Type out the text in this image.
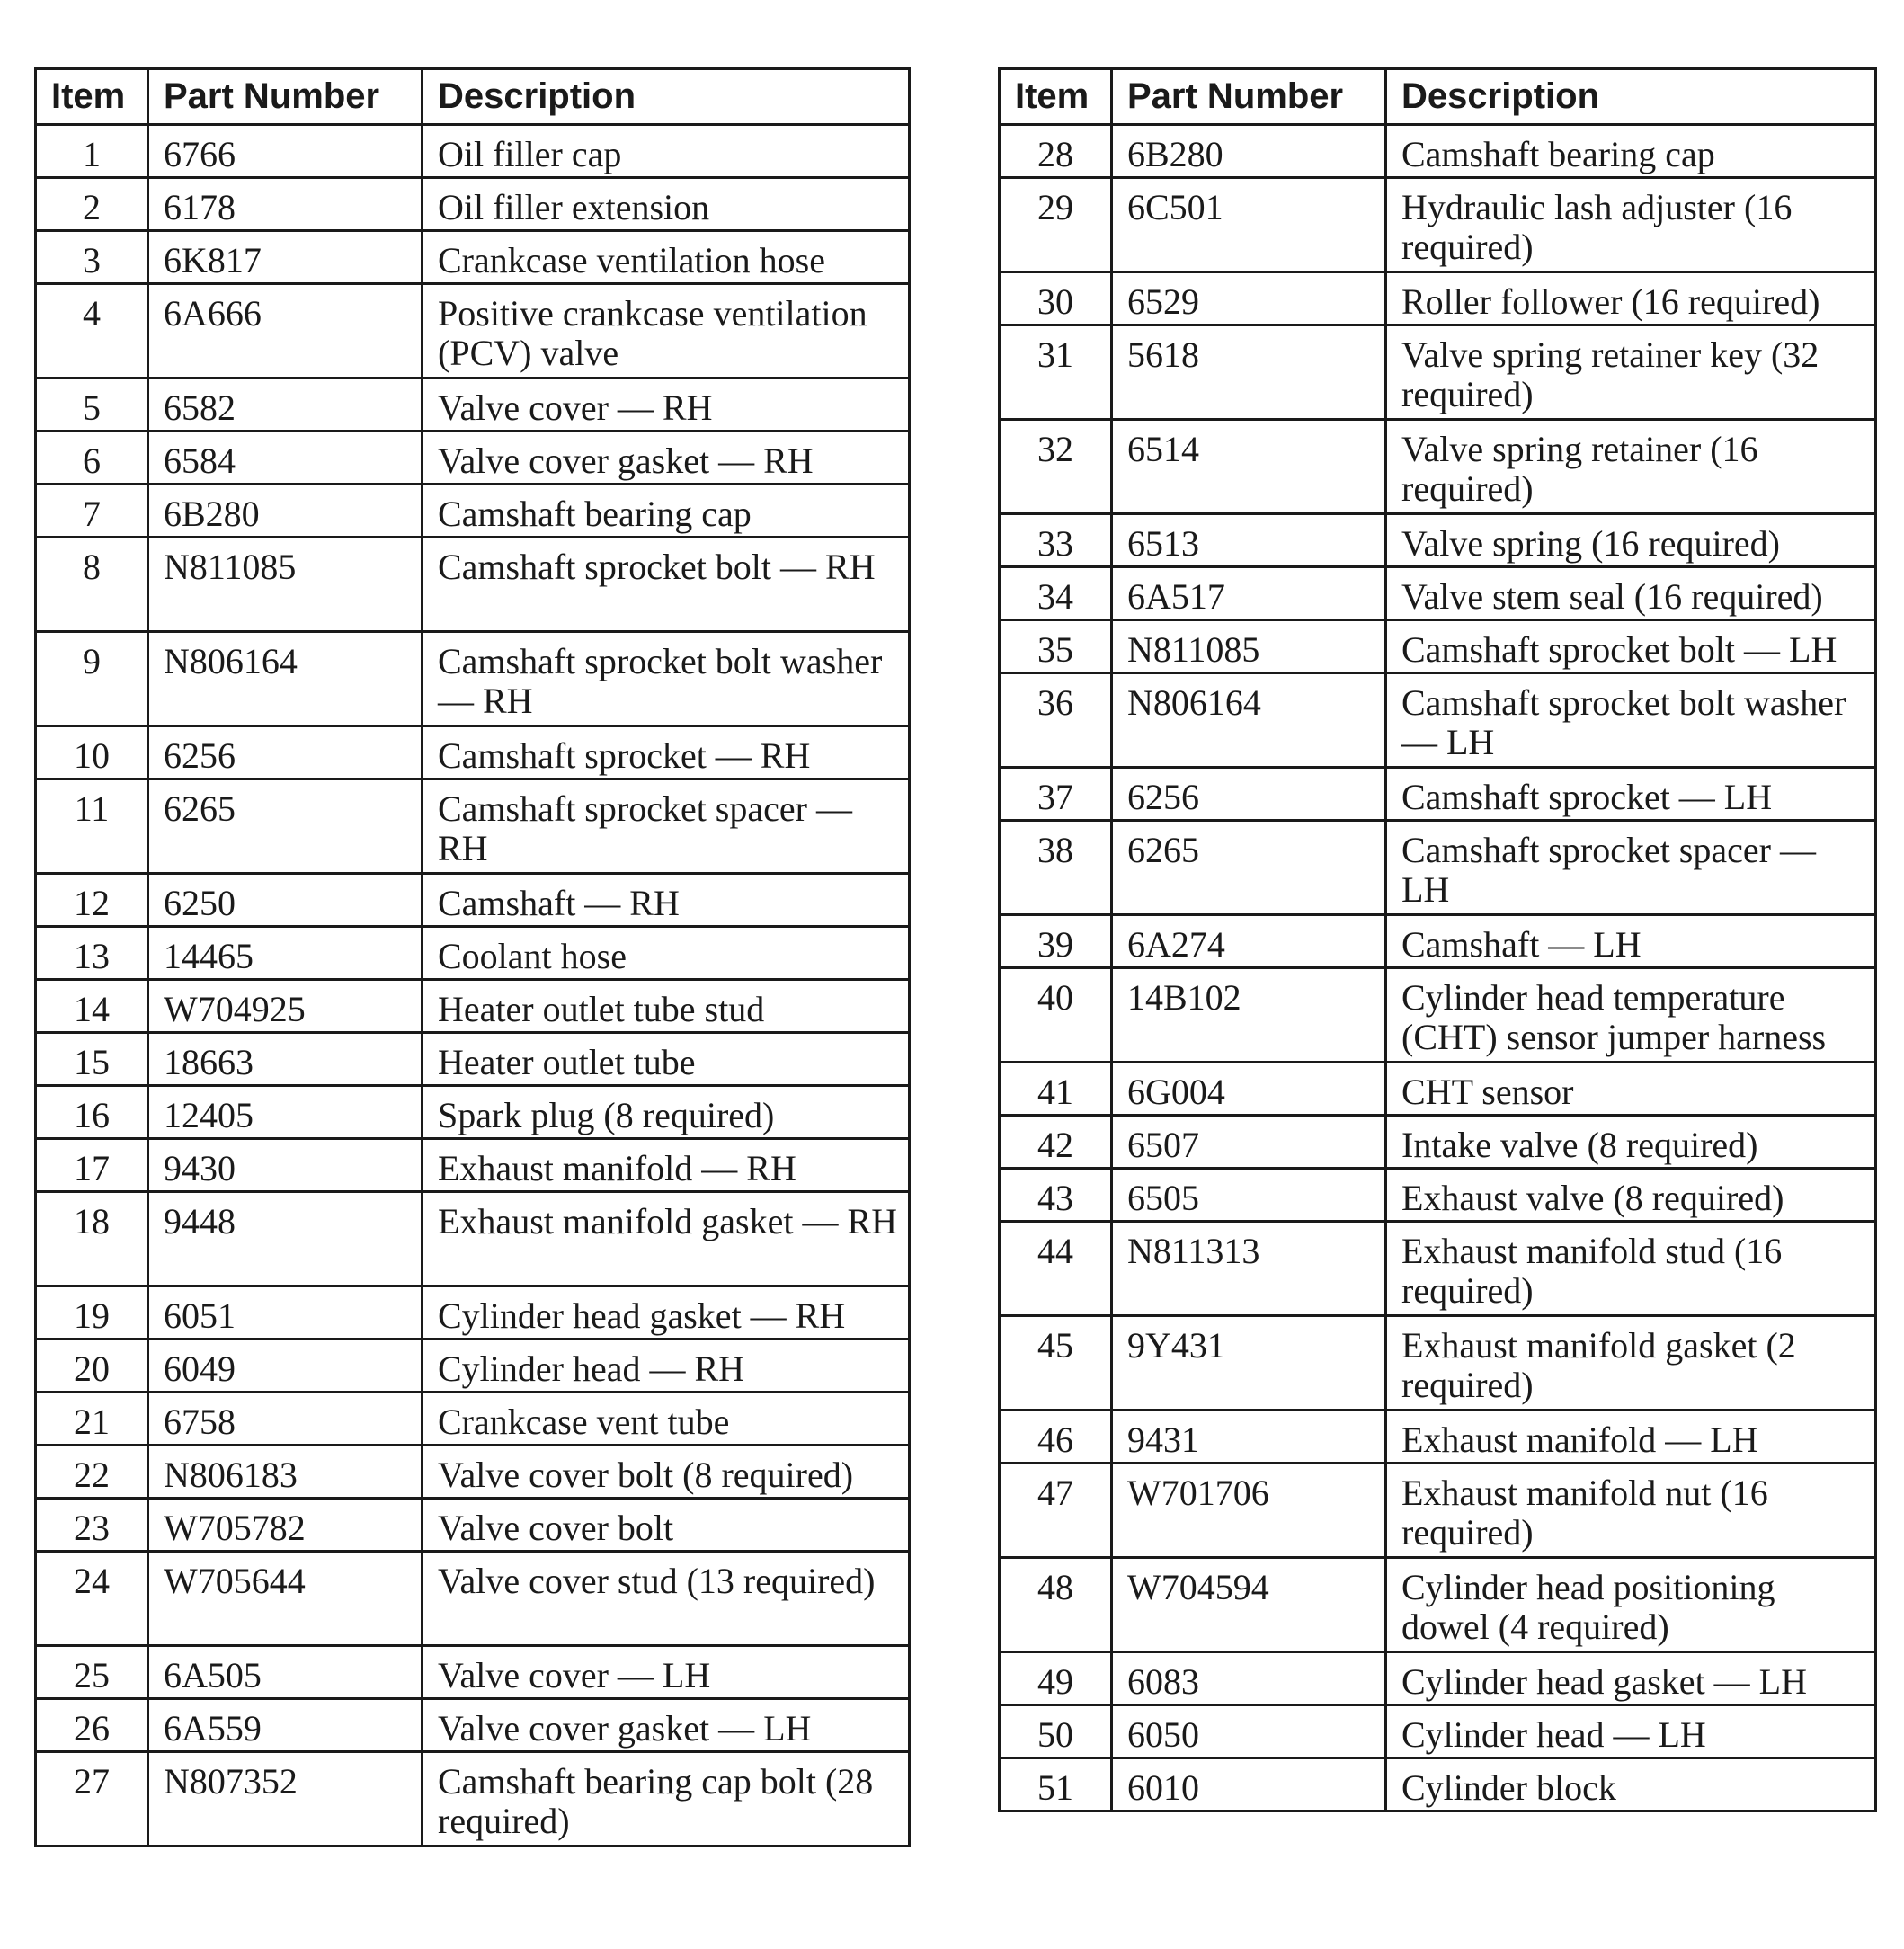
Item	Part Number	Description
1	6766	Oil filler cap
2	6178	Oil filler extension
3	6K817	Crankcase ventilation hose
4	6A666	Positive crankcase ventilation (PCV) valve
5	6582	Valve cover — RH
6	6584	Valve cover gasket — RH
7	6B280	Camshaft bearing cap
8	N811085	Camshaft sprocket bolt — RH
9	N806164	Camshaft sprocket bolt washer — RH
10	6256	Camshaft sprocket — RH
11	6265	Camshaft sprocket spacer — RH
12	6250	Camshaft — RH
13	14465	Coolant hose
14	W704925	Heater outlet tube stud
15	18663	Heater outlet tube
16	12405	Spark plug (8 required)
17	9430	Exhaust manifold — RH
18	9448	Exhaust manifold gasket — RH
19	6051	Cylinder head gasket — RH
20	6049	Cylinder head — RH
21	6758	Crankcase vent tube
22	N806183	Valve cover bolt (8 required)
23	W705782	Valve cover bolt
24	W705644	Valve cover stud (13 required)
25	6A505	Valve cover — LH
26	6A559	Valve cover gasket — LH
27	N807352	Camshaft bearing cap bolt (28 required)
Item	Part Number	Description
28	6B280	Camshaft bearing cap
29	6C501	Hydraulic lash adjuster (16 required)
30	6529	Roller follower (16 required)
31	5618	Valve spring retainer key (32 required)
32	6514	Valve spring retainer (16 required)
33	6513	Valve spring (16 required)
34	6A517	Valve stem seal (16 required)
35	N811085	Camshaft sprocket bolt — LH
36	N806164	Camshaft sprocket bolt washer — LH
37	6256	Camshaft sprocket — LH
38	6265	Camshaft sprocket spacer — LH
39	6A274	Camshaft — LH
40	14B102	Cylinder head temperature (CHT) sensor jumper harness
41	6G004	CHT sensor
42	6507	Intake valve (8 required)
43	6505	Exhaust valve (8 required)
44	N811313	Exhaust manifold stud (16 required)
45	9Y431	Exhaust manifold gasket (2 required)
46	9431	Exhaust manifold — LH
47	W701706	Exhaust manifold nut (16 required)
48	W704594	Cylinder head positioning dowel (4 required)
49	6083	Cylinder head gasket — LH
50	6050	Cylinder head — LH
51	6010	Cylinder block
